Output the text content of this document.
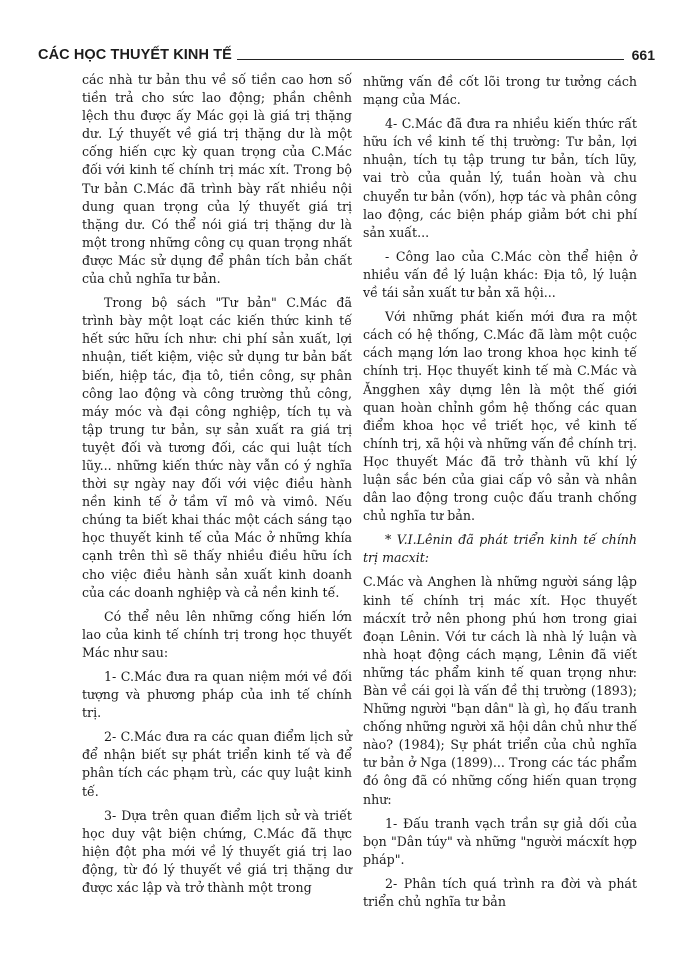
CÁC HỌC THUYẾT KINH TẾ	661

các nhà tư bản thu về số tiền cao hơn số tiền trả cho sức lao động; phần chênh lệch thu được ấy Mác gọi là giá trị thặng dư. Lý thuyết về giá trị thặng dư là một cống hiến cực kỳ quan trọng của C.Mác đối với kinh tế chính trị mác xít. Trong bộ Tư bản C.Mác đã trình bày rất nhiều nội dung quan trọng của lý thuyết giá trị thặng dư. Có thể nói giá trị thặng dư là một trong những công cụ quan trọng nhất được Mác sử dụng để phân tích bản chất của chủ nghĩa tư bản.

Trong bộ sách "Tư bản" C.Mác đã trình bày một loạt các kiến thức kinh tế hết sức hữu ích như: chi phí sản xuất, lợi nhuận, tiết kiệm, việc sử dụng tư bản bất biến, hiệp tác, địa tô, tiền công, sự phân công lao động và công trường thủ công, máy móc và đại công nghiệp, tích tụ và tập trung tư bản, sự sản xuất ra giá trị tuyệt đối và tương đối, các qui luật tích lũy... những kiến thức này vẫn có ý nghĩa thời sự ngày nay đối với việc điều hành nền kinh tế ở tầm vĩ mô và vimô. Nếu chúng ta biết khai thác một cách sáng tạo học thuyết kinh tế của Mác ở những khía cạnh trên thì sẽ thấy nhiều điều hữu ích cho việc điều hành sản xuất kinh doanh của các doanh nghiệp và cả nền kinh tế.

Có thể nêu lên những cống hiến lớn lao của kinh tế chính trị trong học thuyết Mác như sau:

1- C.Mác đưa ra quan niệm mới về đối tượng và phương pháp của inh tế chính trị.

2- C.Mác đưa ra các quan điểm lịch sử để nhận biết sự phát triển kinh tế và để phân tích các phạm trù, các quy luật kinh tế.

3- Dựa trên quan điểm lịch sử và triết học duy vật biện chứng, C.Mác đã thực hiện đột pha mới về lý thuyết giá trị lao động, từ đó lý thuyết về giá trị thặng dư được xác lập và trở thành một trong

những vấn đề cốt lõi trong tư tưởng cách mạng của Mác.

4- C.Mác đã đưa ra nhiều kiến thức rất hữu ích về kinh tế thị trường: Tư bản, lợi nhuận, tích tụ tập trung tư bản, tích lũy, vai trò của quản lý, tuần hoàn và chu chuyển tư bản (vốn), hợp tác và phân công lao động, các biện pháp giảm bớt chi phí sản xuất...

- Công lao của C.Mác còn thể hiện ở nhiều vấn đề lý luận khác: Địa tô, lý luận về tái sản xuất tư bản xã hội...

Với những phát kiến mới đưa ra một cách có hệ thống, C.Mác đã làm một cuộc cách mạng lớn lao trong khoa học kinh tế chính trị. Học thuyết kinh tế mà C.Mác và Ăngghen xây dựng lên là một thế giới quan hoàn chỉnh gồm hệ thống các quan điểm khoa học về triết học, về kinh tế chính trị, xã hội và những vấn đề chính trị. Học thuyết Mác đã trở thành vũ khí lý luận sắc bén của giai cấp vô sản và nhân dân lao động trong cuộc đấu tranh chống chủ nghĩa tư bản.

* V.I.Lênin đã phát triển kinh tế chính trị macxit:

C.Mác và Anghen là những người sáng lập kinh tế chính trị mác xít. Học thuyết mácxít trở nên phong phú hơn trong giai đoạn Lênin. Với tư cách là nhà lý luận và nhà hoạt động cách mạng, Lênin đã viết những tác phẩm kinh tế quan trọng như: Bàn về cái gọi là vấn đề thị trường (1893); Những người "bạn dân" là gì, họ đấu tranh chống những người xã hội dân chủ như thế nào? (1984); Sự phát triển của chủ nghĩa tư bản ở Nga (1899)... Trong các tác phẩm đó ông đã có những cống hiến quan trọng như:

1- Đấu tranh vạch trần sự giả dối của bọn "Dân túy" và những "người mácxít hợp pháp".

2- Phân tích quá trình ra đời và phát triển chủ nghĩa tư bản
